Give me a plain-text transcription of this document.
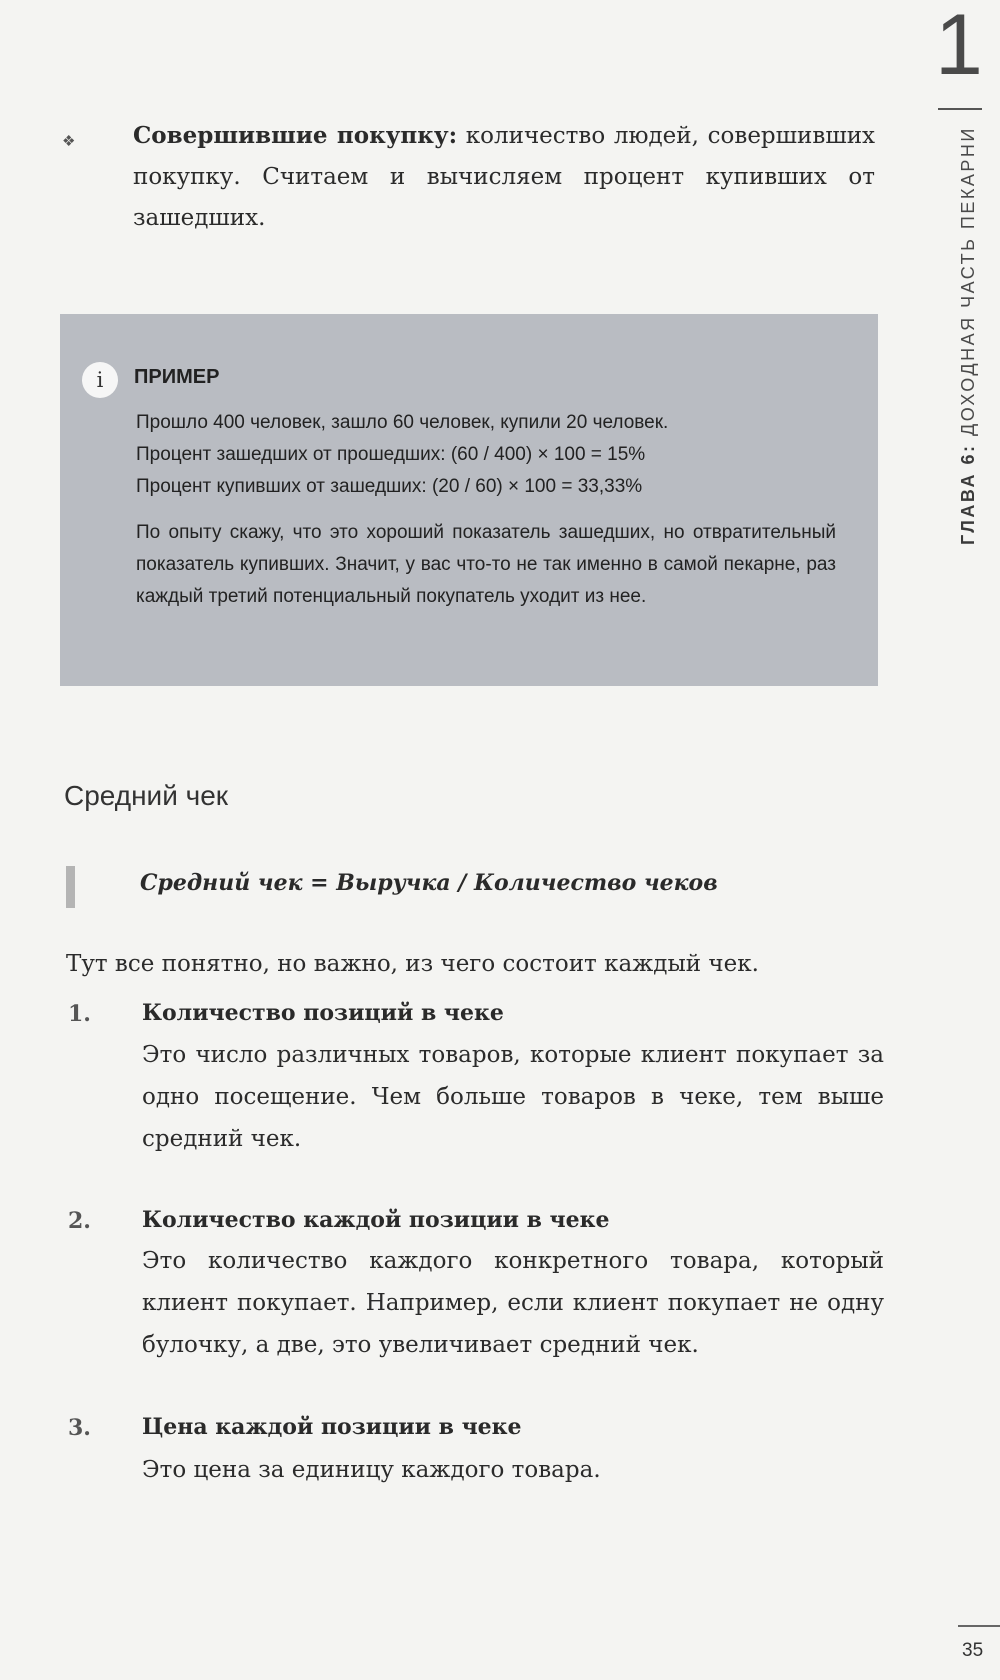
1
ГЛАВА 6: ДОХОДНАЯ ЧАСТЬ ПЕКАРНИ
❖	Совершившие покупку: количество людей, совершивших покупку. Считаем и вычисляем процент купивших от зашедших.
i	ПРИМЕР
Прошло 400 человек, зашло 60 человек, купили 20 человек.
Процент зашедших от прошедших: (60 / 400) × 100 = 15%
Процент купивших от зашедших: (20 / 60) × 100 = 33,33%
По опыту скажу, что это хороший показатель зашедших, но отвратительный показатель купивших. Значит, у вас что-то не так именно в самой пекарне, раз каждый третий потенциальный покупатель уходит из нее.
Средний чек
Средний чек = Выручка / Количество чеков
Тут все понятно, но важно, из чего состоит каждый чек.
1. Количество позиций в чеке
Это число различных товаров, которые клиент покупает за одно посещение. Чем больше товаров в чеке, тем выше средний чек.
2. Количество каждой позиции в чеке
Это количество каждого конкретного товара, который клиент покупает. Например, если клиент покупает не одну булочку, а две, это увеличивает средний чек.
3. Цена каждой позиции в чеке
Это цена за единицу каждого товара.
35
